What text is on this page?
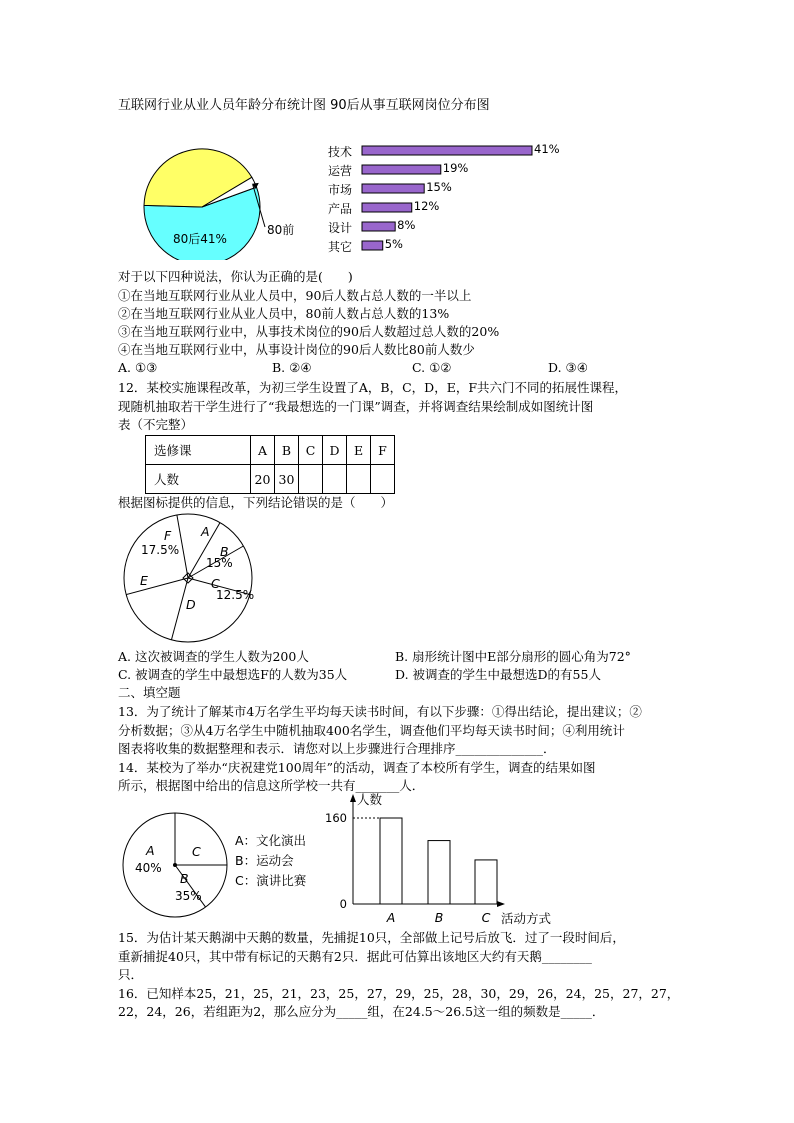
互联网行业从业人员年龄分布统计图 90后从事互联网岗位分布图
80后41%
80前
技术	41%
运营	19%
市场	15%
产品	12%
设计	8%
其它	5%
对于以下四种说法，你认为正确的是(　　)
①在当地互联网行业从业人员中，90后人数占总人数的一半以上
②在当地互联网行业从业人员中，80前人数占总人数的13%
③在当地互联网行业中，从事技术岗位的90后人数超过总人数的20%
④在当地互联网行业中，从事设计岗位的90后人数比80前人数少
A. ①③	B. ②④	C. ①②	D. ③④
12．某校实施课程改革，为初三学生设置了A，B，C，D，E，F共六门不同的拓展性课程，
现随机抽取若干学生进行了“我最想选的一门课”调查，并将调查结果绘制成如图统计图
表（不完整）
选修课	A	B	C	D	E	F
人数	20	30				
根据图标提供的信息，下列结论错误的是（　　）
A
B
15%
C
12.5%
D
E
F
17.5%
A. 这次被调查的学生人数为200人	B. 扇形统计图中E部分扇形的圆心角为72°
C. 被调查的学生中最想选F的人数为35人	D. 被调查的学生中最想选D的有55人
二、填空题
13．为了统计了解某市4万名学生平均每天读书时间，有以下步骤：①得出结论，提出建议；②
分析数据；③从4万名学生中随机抽取400名学生，调查他们平均每天读书时间；④利用统计
图表将收集的数据整理和表示．请您对以上步骤进行合理排序______________．
14．某校为了举办“庆祝建党100周年”的活动，调查了本校所有学生，调查的结果如图
所示，根据图中给出的信息这所学校一共有_______人．
A
40%
B
35%
C
A：文化演出
B：运动会
C：演讲比赛
人数
活动方式
0
160
A	B	C
15．为估计某天鹅湖中天鹅的数量，先捕捉10只，全部做上记号后放飞．过了一段时间后，
重新捕捉40只，其中带有标记的天鹅有2只．据此可估算出该地区大约有天鹅________
只．
16．已知样本25，21，25，21，23，25，27，29，25，28，30，29，26，24，25，27，27，
22，24，26，若组距为2，那么应分为_____组，在24.5～26.5这一组的频数是_____．
